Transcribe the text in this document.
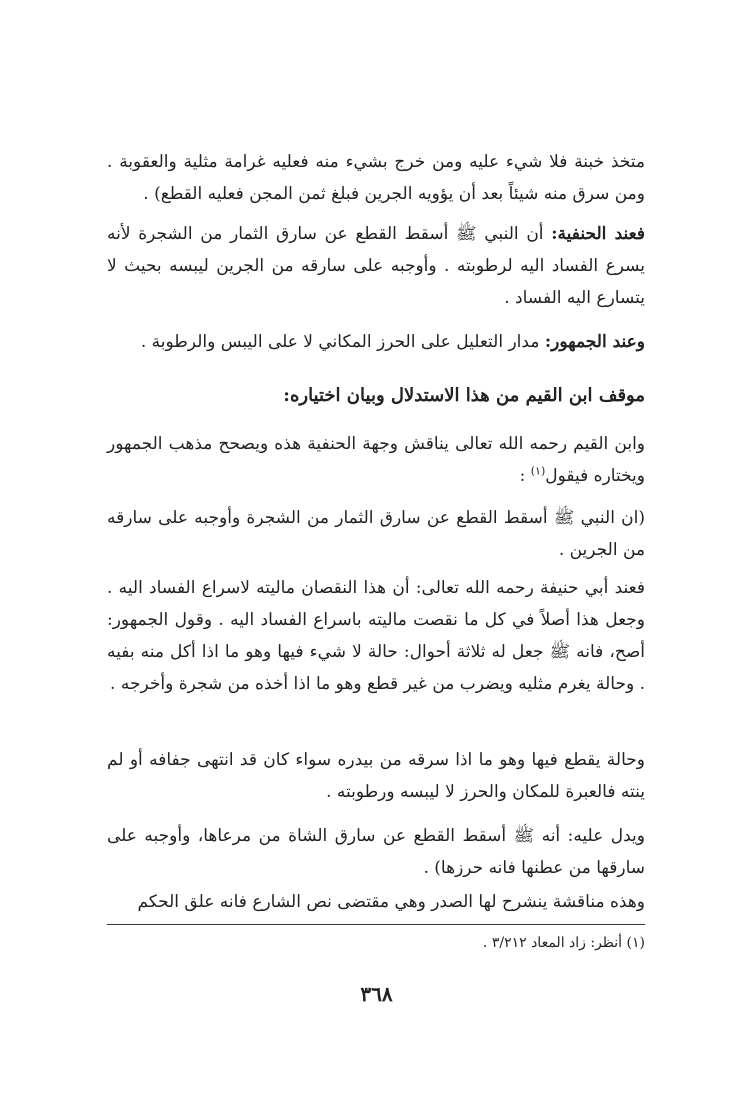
متخذ خبنة فلا شيء عليه ومن خرج بشيء منه فعليه غرامة مثلية والعقوبة . ومن سرق منه شيئاً بعد أن يؤويه الجرين فبلغ ثمن المجن فعليه القطع) .

فعند الحنفية: أن النبي ﷺ أسقط القطع عن سارق الثمار من الشجرة لأنه يسرع الفساد اليه لرطوبته . وأوجبه على سارقه من الجرين ليبسه بحيث لا يتسارع اليه الفساد .

وعند الجمهور: مدار التعليل على الحرز المكاني لا على اليبس والرطوبة .

موقف ابن القيم من هذا الاستدلال وبيان اختياره:

وابن القيم رحمه الله تعالى يناقش وجهة الحنفية هذه ويصحح مذهب الجمهور ويختاره فيقول$^{(١)}$ :

(ان النبي ﷺ أسقط القطع عن سارق الثمار من الشجرة وأوجبه على سارقه من الجرين .

فعند أبي حنيفة رحمه الله تعالى: أن هذا النقصان ماليته لاسراع الفساد اليه . وجعل هذا أصلاً في كل ما نقصت ماليته باسراع الفساد اليه . وقول الجمهور: أصح، فانه ﷺ جعل له ثلاثة أحوال: حالة لا شيء فيها وهو ما اذا أكل منه بفيه . وحالة يغرم مثليه ويضرب من غير قطع وهو ما اذا أخذه من شجرة وأخرجه .

وحالة يقطع فيها وهو ما اذا سرقه من بيدره سواء كان قد انتهى جفافه أو لم ينته فالعبرة للمكان والحرز لا ليبسه ورطوبته .

ويدل عليه: أنه ﷺ أسقط القطع عن سارق الشاة من مرعاها، وأوجبه على سارقها من عطنها فانه حرزها) .

وهذه مناقشة ينشرح لها الصدر وهي مقتضى نص الشارع فانه علق الحكم

(١) أنظر: زاد المعاد ٣/٢١٢ .
٣٦٨
